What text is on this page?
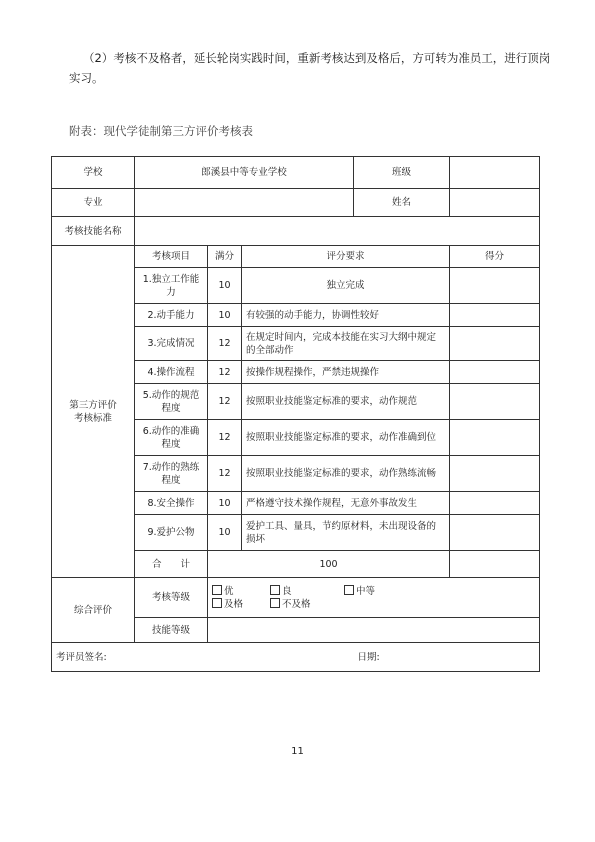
（2）考核不及格者，延长轮岗实践时间，重新考核达到及格后，方可转为准员工，进行顶岗实习。

附表：现代学徒制第三方评价考核表
学校	郎溪县中等专业学校			班级	
专业				姓名	
考核技能名称					
第三方评价
考核标准	考核项目	满分	评分要求		得分
	1.独立工作能力	10	独立完成		
	2.动手能力	10	有较强的动手能力，协调性较好		
	3.完成情况	12	在规定时间内，完成本技能在实习大纲中规定的全部动作		
	4.操作流程	12	按操作规程操作，严禁违规操作		
	5.动作的规范程度	12	按照职业技能鉴定标准的要求，动作规范		
	6.动作的准确程度	12	按照职业技能鉴定标准的要求，动作准确到位		
	7.动作的熟练程度	12	按照职业技能鉴定标准的要求，动作熟练流畅		
	8.安全操作	10	严格遵守技术操作规程，无意外事故发生		
	9.爱护公物	10	爱护工具、量具，节约原材料，未出现设备的损坏		
	合　　计	100			
综合评价	考核等级	优 良 中等
及格 不及格			

	技能等级				
考评员签名:				日期:	
11
